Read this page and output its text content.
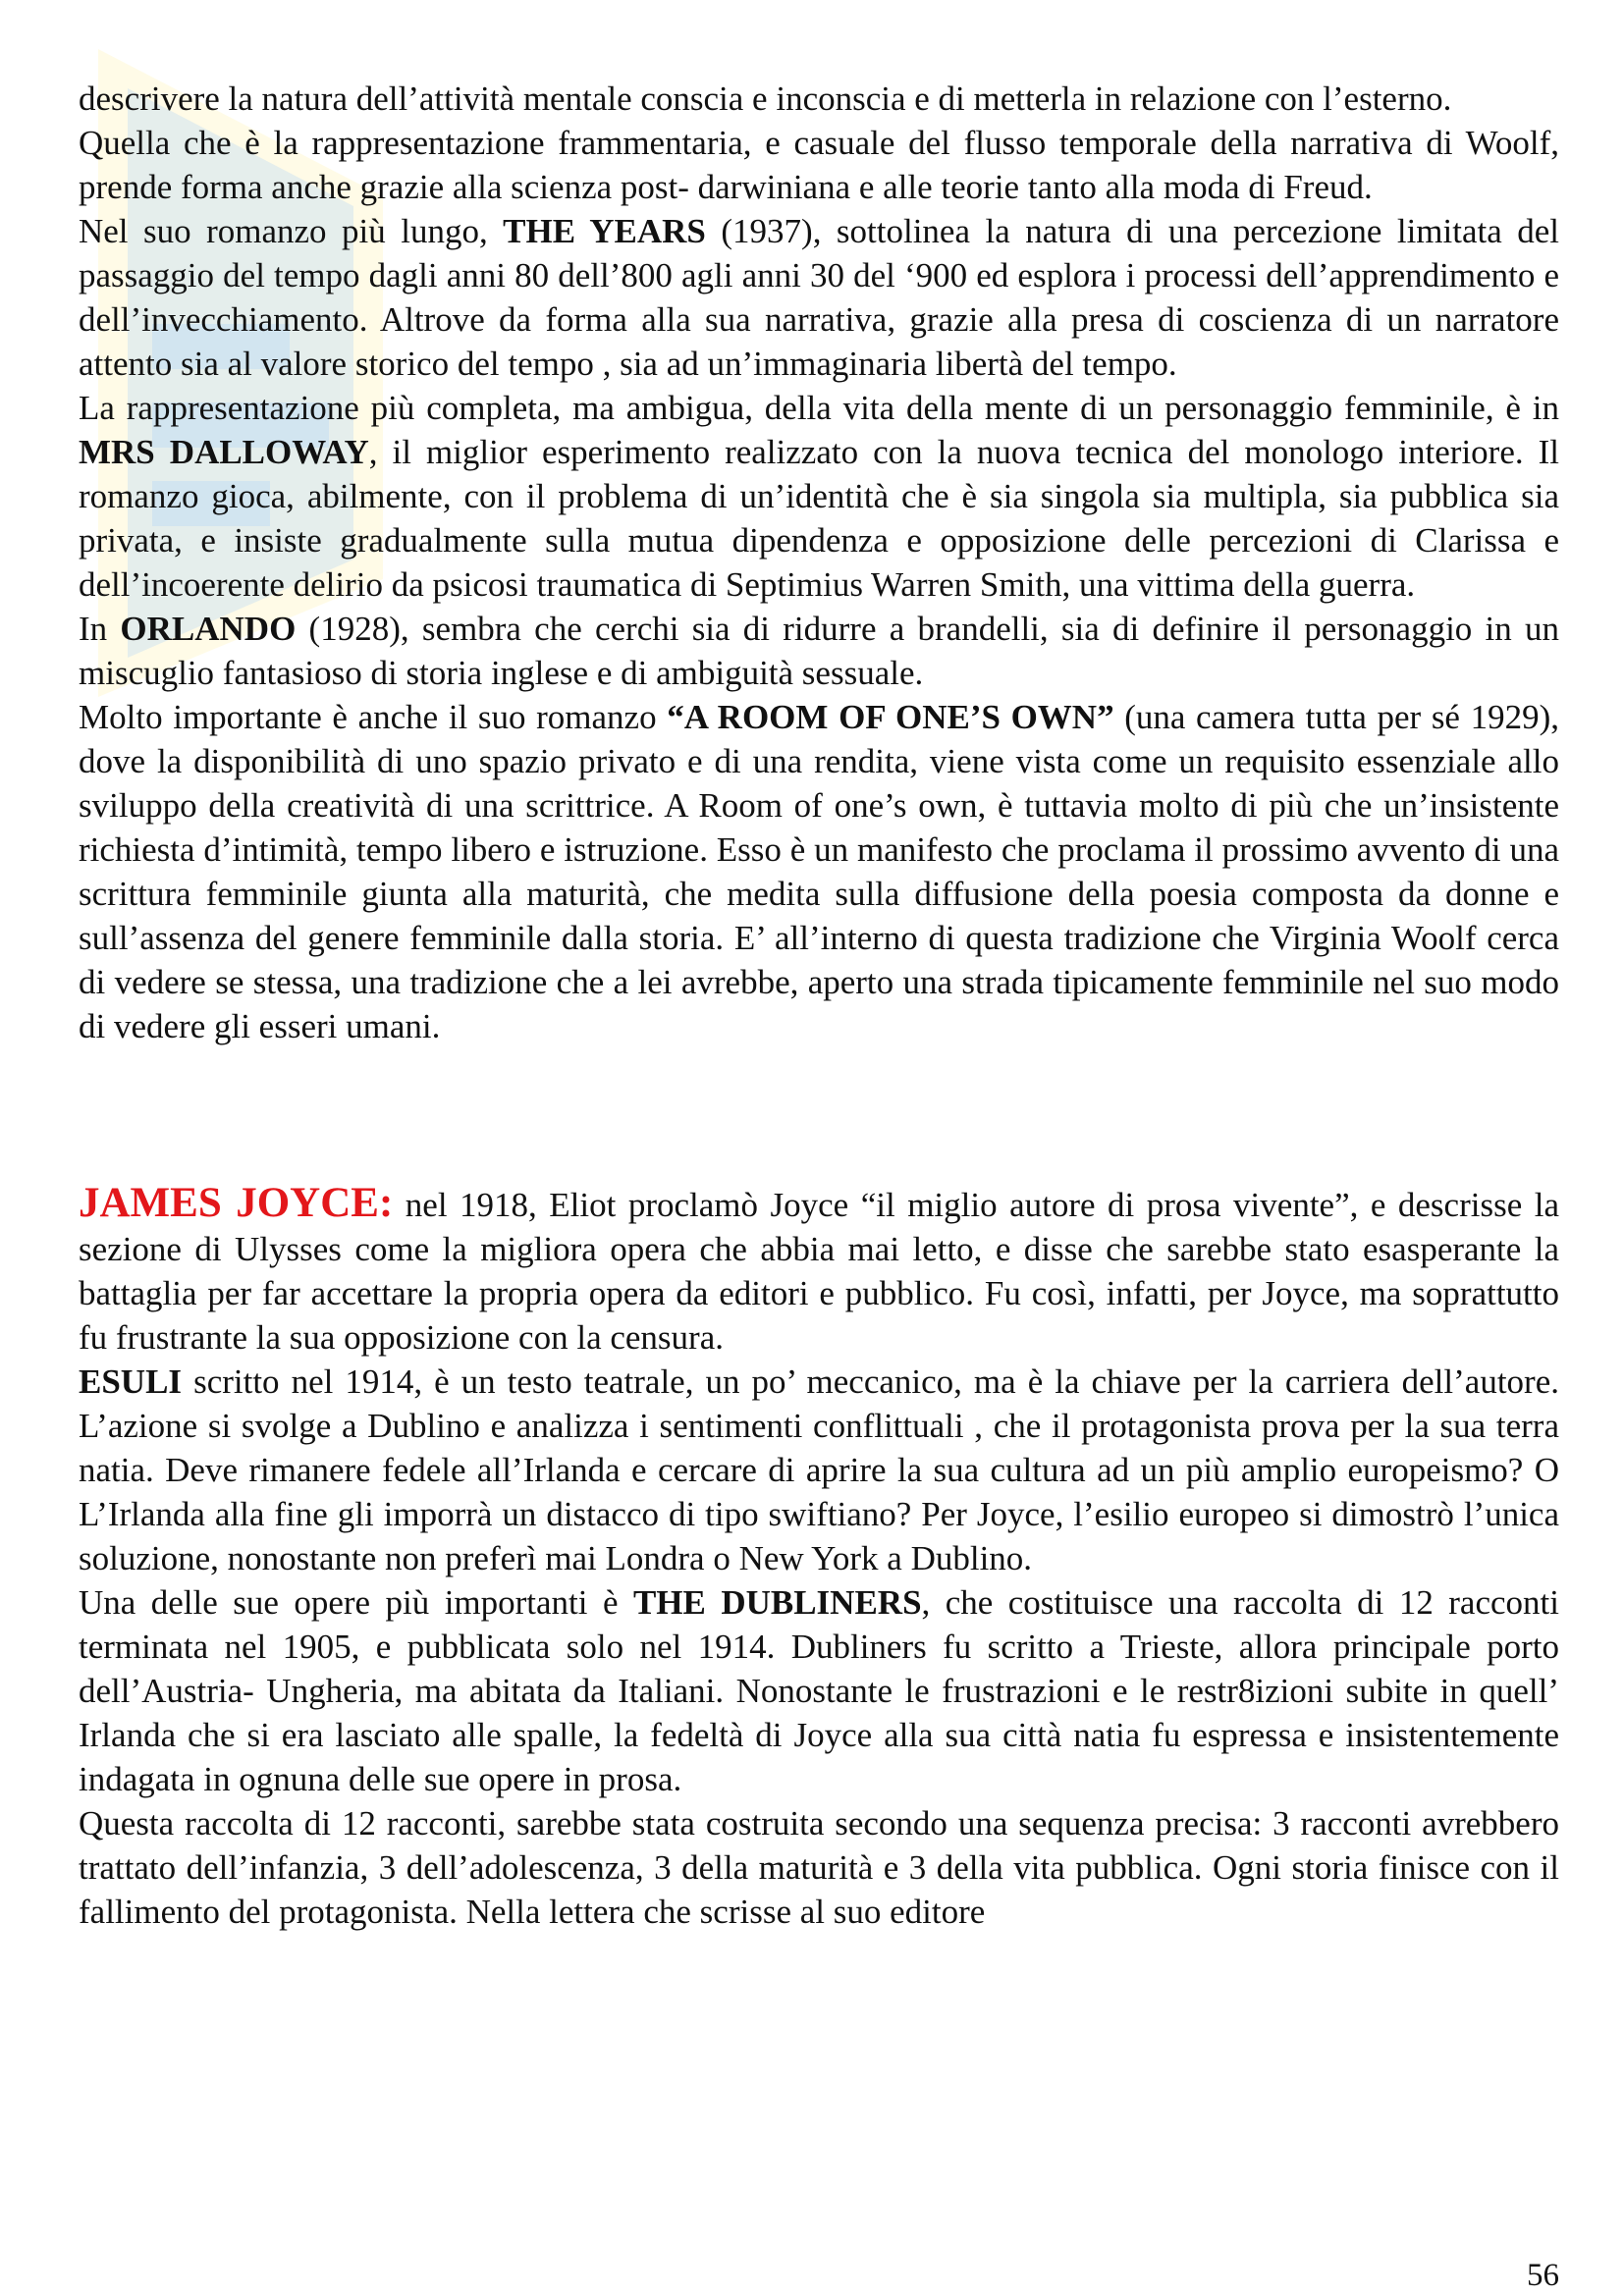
descrivere la natura dell’attività mentale conscia e inconscia e di metterla in relazione con l’esterno.

Quella che è la rappresentazione frammentaria, e casuale del flusso temporale della narrativa di Woolf, prende forma anche grazie alla scienza post- darwiniana e alle teorie tanto alla moda di Freud.

Nel suo romanzo più lungo, THE YEARS (1937), sottolinea la natura di una percezione limitata del passaggio del tempo dagli anni 80 dell’800 agli anni 30 del ‘900 ed esplora i processi dell’apprendimento e dell’invecchiamento. Altrove da forma alla sua narrativa, grazie alla presa di coscienza di un narratore attento sia al valore storico del tempo , sia ad un’immaginaria libertà del tempo.

La rappresentazione più completa, ma ambigua, della vita della mente di un personaggio femminile, è in MRS DALLOWAY, il miglior esperimento realizzato con la nuova tecnica del monologo interiore. Il romanzo gioca, abilmente, con il problema di un’identità che è sia singola sia multipla, sia pubblica sia privata, e insiste gradualmente sulla mutua dipendenza e opposizione delle percezioni di Clarissa e dell’incoerente delirio da psicosi traumatica di Septimius Warren Smith, una vittima della guerra.

In ORLANDO (1928), sembra che cerchi sia di ridurre a brandelli, sia di definire il personaggio in un miscuglio fantasioso di storia inglese e di ambiguità sessuale.

Molto importante è anche il suo romanzo “A ROOM OF ONE’S OWN” (una camera tutta per sé 1929), dove la disponibilità di uno spazio privato e di una rendita, viene vista come un requisito essenziale allo sviluppo della creatività di una scrittrice. A Room of one’s own, è tuttavia molto di più che un’insistente richiesta d’intimità, tempo libero e istruzione. Esso è un manifesto che proclama il prossimo avvento di una scrittura femminile giunta alla maturità, che medita sulla diffusione della poesia composta da donne e sull’assenza del genere femminile dalla storia. E’ all’interno di questa tradizione che Virginia Woolf cerca di vedere se stessa, una tradizione che a lei avrebbe, aperto una strada tipicamente femminile nel suo modo di vedere gli esseri umani.

JAMES JOYCE: nel 1918, Eliot proclamò Joyce “il miglio autore di prosa vivente”, e descrisse la sezione di Ulysses come la migliora opera che abbia mai letto, e disse che sarebbe stato esasperante la battaglia per far accettare la propria opera da editori e pubblico. Fu così, infatti, per Joyce, ma soprattutto fu frustrante la sua opposizione con la censura.

ESULI scritto nel 1914, è un testo teatrale, un po’ meccanico, ma è la chiave per la carriera dell’autore. L’azione si svolge a Dublino e analizza i sentimenti conflittuali , che il protagonista prova per la sua terra natia. Deve rimanere fedele all’Irlanda e cercare di aprire la sua cultura ad un più amplio europeismo? O L’Irlanda alla fine gli imporrà un distacco di tipo swiftiano? Per Joyce, l’esilio europeo si dimostrò l’unica soluzione, nonostante non preferì mai Londra o New York a Dublino.

Una delle sue opere più importanti è THE DUBLINERS, che costituisce una raccolta di 12 racconti terminata nel 1905, e pubblicata solo nel 1914. Dubliners fu scritto a Trieste, allora principale porto dell’Austria- Ungheria, ma abitata da Italiani. Nonostante le frustrazioni e le restr8izioni subite in quell’ Irlanda che si era lasciato alle spalle, la fedeltà di Joyce alla sua città natia fu espressa e insistentemente indagata in ognuna delle sue opere in prosa.

Questa raccolta di 12 racconti, sarebbe stata costruita secondo una sequenza precisa: 3 racconti avrebbero trattato dell’infanzia, 3 dell’adolescenza, 3 della maturità e 3 della vita pubblica. Ogni storia finisce con il fallimento del protagonista. Nella lettera che scrisse al suo editore

56
